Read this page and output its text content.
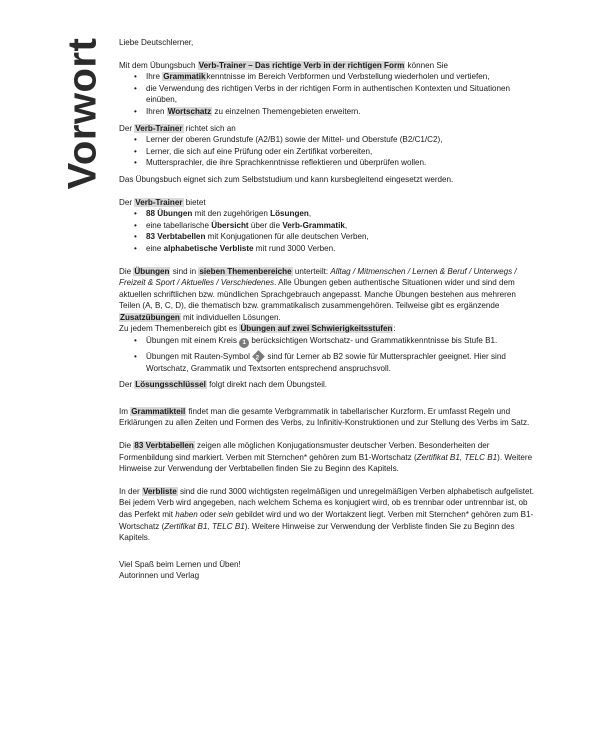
Vorwort Liebe Deutschlerner,

Mit dem Übungsbuch Verb-Trainer – Das richtige Verb in der richtigen Form können Sie

• Ihre Grammatikkenntnisse im Bereich Verbformen und Verbstellung wiederholen und vertiefen,
• die Verwendung des richtigen Verbs in der richtigen Form in authentischen Kontexten und Situationen einüben,
• Ihren Wortschatz zu einzelnen Themengebieten erweitern.

Der Verb-Trainer richtet sich an

• Lerner der oberen Grundstufe (A2/B1) sowie der Mittel- und Oberstufe (B2/C1/C2),
• Lerner, die sich auf eine Prüfung oder ein Zertifikat vorbereiten,
• Muttersprachler, die ihre Sprachkenntnisse reflektieren und überprüfen wollen.

Das Übungsbuch eignet sich zum Selbststudium und kann kursbegleitend eingesetzt werden.

Der Verb-Trainer bietet

• 88 Übungen mit den zugehörigen Lösungen,
• eine tabellarische Übersicht über die Verb-Grammatik,
• 83 Verbtabellen mit Konjugationen für alle deutschen Verben,
• eine alphabetische Verbliste mit rund 3000 Verben.

Die Übungen sind in sieben Themenbereiche unterteilt: Alltag / Mitmenschen / Lernen & Beruf / Unterwegs / Freizeit & Sport / Aktuelles / Verschiedenes. Alle Übungen geben authentische Situationen wider und sind dem aktuellen schriftlichen bzw. mündlichen Sprachgebrauch angepasst. Manche Übungen bestehen aus mehreren Teilen (A, B, C, D), die thematisch bzw. grammatikalisch zusammengehören. Teilweise gibt es ergänzende Zusatzübungen mit individuellen Lösungen.
Zu jedem Themenbereich gibt es Übungen auf zwei Schwierigkeitsstufen:

• Übungen mit einem Kreis 1 berücksichtigen Wortschatz- und Grammatikkenntnisse bis Stufe B1.
• Übungen mit Rauten-Symbol 2 sind für Lerner ab B2 sowie für Muttersprachler geeignet. Hier sind Wortschatz, Grammatik und Textsorten entsprechend anspruchsvoll.

Der Lösungsschlüssel folgt direkt nach dem Übungsteil.

Im Grammatikteil findet man die gesamte Verbgrammatik in tabellarischer Kurzform. Er umfasst Regeln und Erklärungen zu allen Zeiten und Formen des Verbs, zu Infinitiv-Konstruktionen und zur Stellung des Verbs im Satz.

Die 83 Verbtabellen zeigen alle möglichen Konjugationsmuster deutscher Verben. Besonderheiten der Formenbildung sind markiert. Verben mit Sternchen* gehören zum B1-Wortschatz (Zertifikat B1, TELC B1). Weitere Hinweise zur Verwendung der Verbtabellen finden Sie zu Beginn des Kapitels.

In der Verbliste sind die rund 3000 wichtigsten regelmäßigen und unregelmäßigen Verben alphabetisch aufgelistet. Bei jedem Verb wird angegeben, nach welchem Schema es konjugiert wird, ob es trennbar oder untrennbar ist, ob das Perfekt mit haben oder sein gebildet wird und wo der Wortakzent liegt. Verben mit Sternchen* gehören zum B1-Wortschatz (Zertifikat B1, TELC B1). Weitere Hinweise zur Verwendung der Verbliste finden Sie zu Beginn des Kapitels.

Viel Spaß beim Lernen und Üben!
Autorinnen und Verlag
